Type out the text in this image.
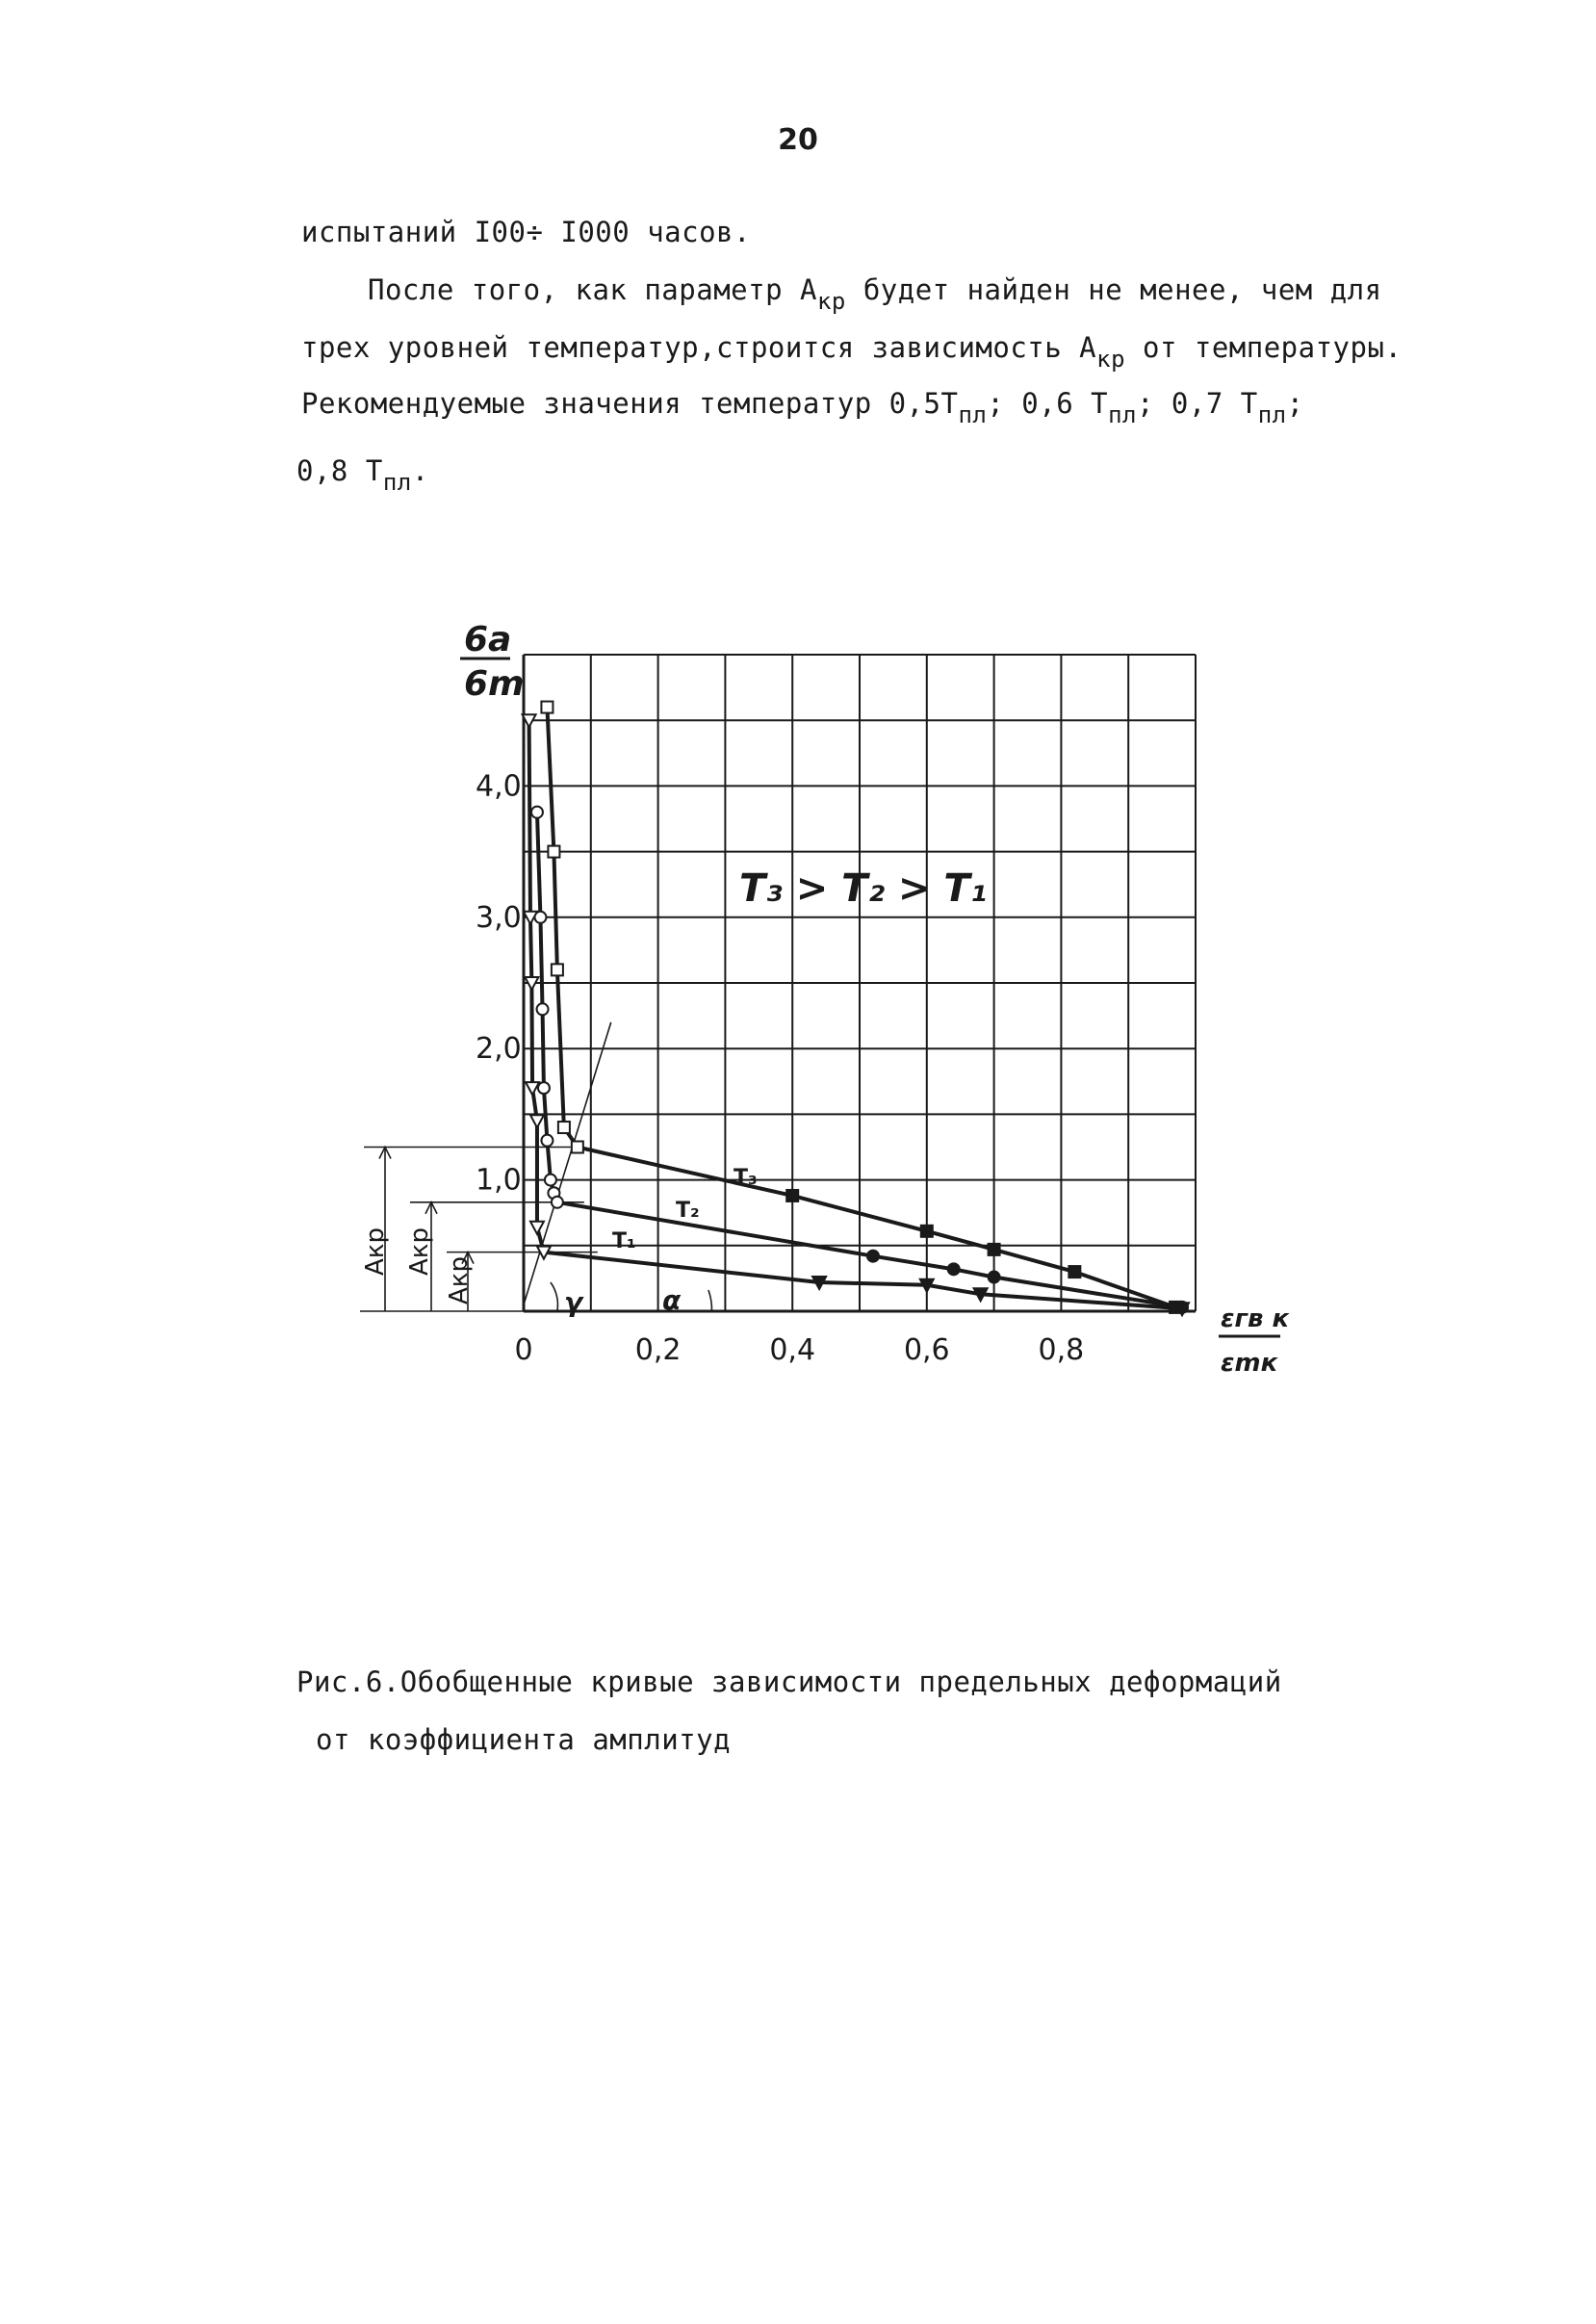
20
испытаний I00÷ I000 часов.
После того, как параметр $А_{кр}$ будет найден не менее, чем для
трех уровней температур,строится зависимость $А_{кр}$ от температуры.
Рекомендуемые значения температур $0,5Т_{пл}$; 0,6 $Т_{пл}$; 0,7 $Т_{пл}$;
0,8 $Т_{пл}$.
0	0,2	0,4	0,6	0,8
1,0
2,0
3,0
4,0
6a
6m
εгв к
εmк
T₃ > T₂ > T₁
T₃
T₂
T₁
Акр Акр
Акр	γ	α
Рис.6.Обобщенные кривые зависимости предельных деформаций
от коэффициента амплитуд
